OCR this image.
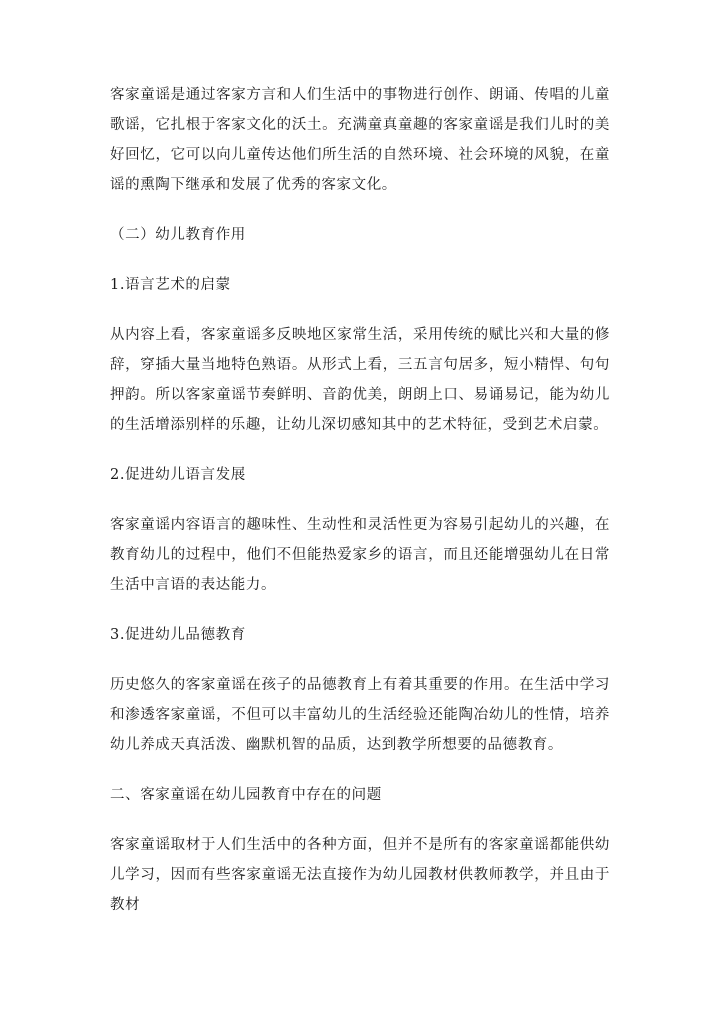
客家童谣是通过客家方言和人们生活中的事物进行创作、朗诵、传唱的儿童歌谣，它扎根于客家文化的沃土。充满童真童趣的客家童谣是我们儿时的美好回忆，它可以向儿童传达他们所生活的自然环境、社会环境的风貌，在童谣的熏陶下继承和发展了优秀的客家文化。

（二）幼儿教育作用

1.语言艺术的启蒙

从内容上看，客家童谣多反映地区家常生活，采用传统的赋比兴和大量的修辞，穿插大量当地特色熟语。从形式上看，三五言句居多，短小精悍、句句押韵。所以客家童谣节奏鲜明、音韵优美，朗朗上口、易诵易记，能为幼儿的生活增添别样的乐趣，让幼儿深切感知其中的艺术特征，受到艺术启蒙。

2.促进幼儿语言发展

客家童谣内容语言的趣味性、生动性和灵活性更为容易引起幼儿的兴趣，在教育幼儿的过程中，他们不但能热爱家乡的语言，而且还能增强幼儿在日常生活中言语的表达能力。

3.促进幼儿品德教育

历史悠久的客家童谣在孩子的品德教育上有着其重要的作用。在生活中学习和渗透客家童谣，不但可以丰富幼儿的生活经验还能陶冶幼儿的性情，培养幼儿养成天真活泼、幽默机智的品质，达到教学所想要的品德教育。

二、客家童谣在幼儿园教育中存在的问题

客家童谣取材于人们生活中的各种方面，但并不是所有的客家童谣都能供幼儿学习，因而有些客家童谣无法直接作为幼儿园教材供教师教学，并且由于教材
